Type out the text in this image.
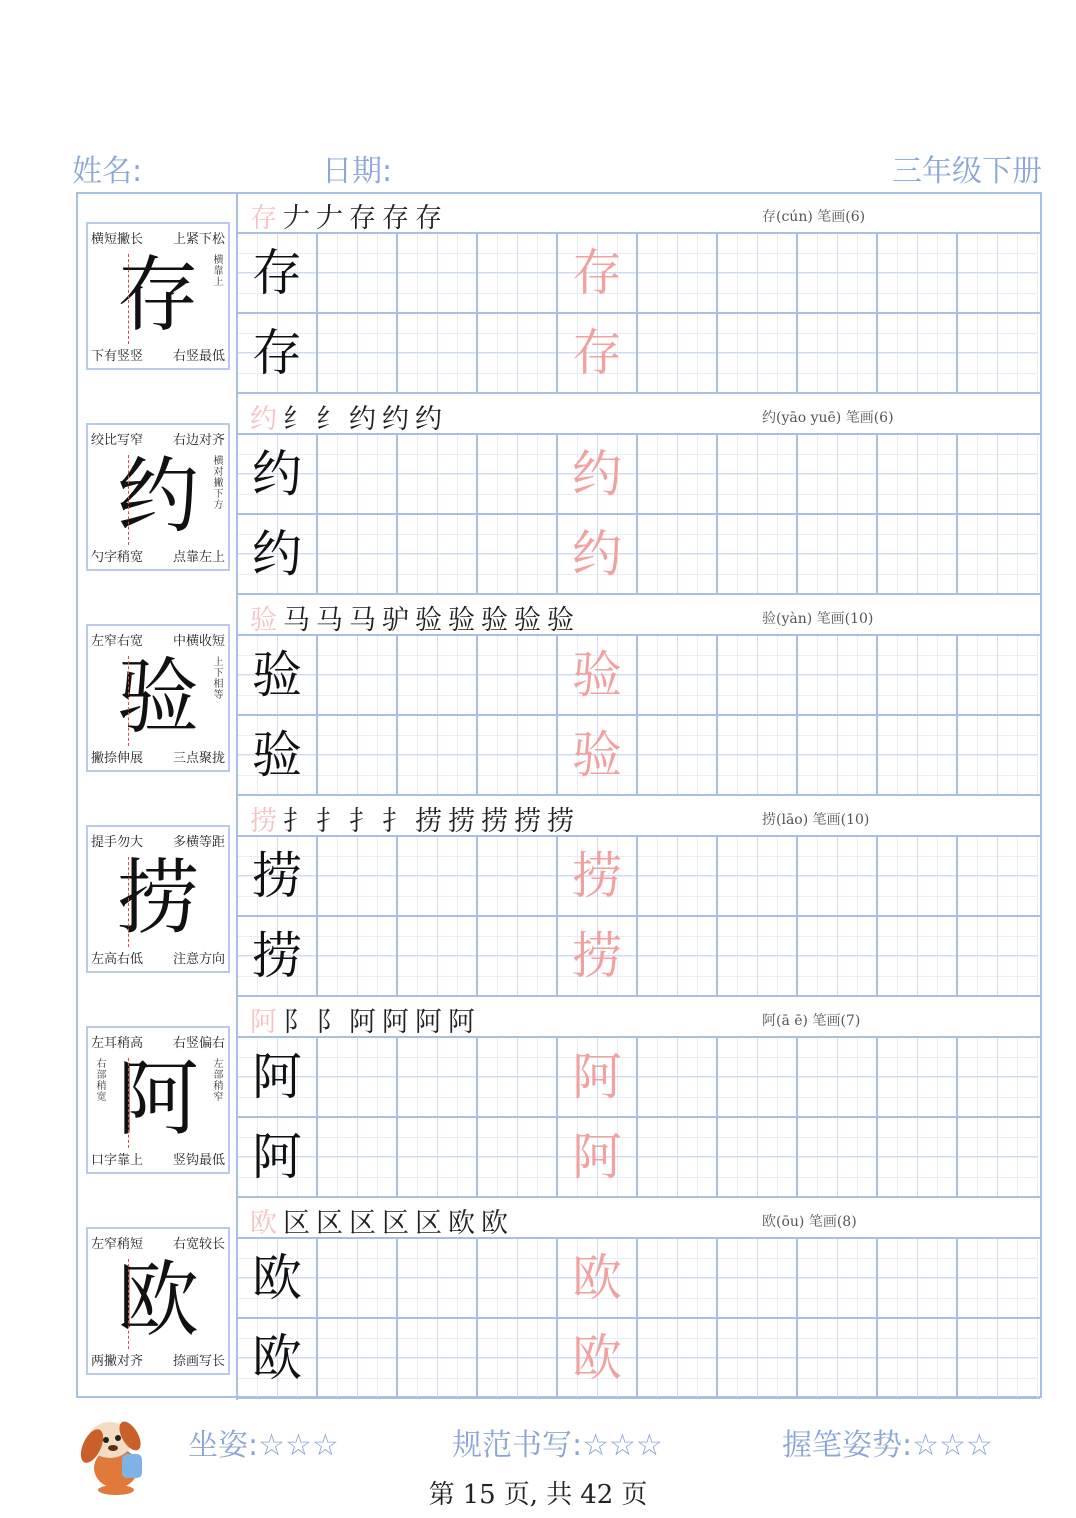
姓名:	日期:	三年级下册
横短撇长 上紧下松
下有竖竖 右竖最低
存	横靠上
存 𠂇 𠂇 存 存 存	存(cún) 笔画(6)
存	存
存	存
绞比写窄 右边对齐
勺字稍宽 点靠左上
约	横对撇下方
约 纟 纟 约 约 约	约(yāo yuē) 笔画(6)
约	约
约	约
左窄右宽 中横收短
撇捺伸展 三点聚拢
验	上下相等
验 马 马 马 驴 验 验 验 验 验	验(yàn) 笔画(10)
验	验
验	验
提手勿大 多横等距
左高右低 注意方向
捞
捞 扌 扌 扌 扌 捞 捞 捞 捞 捞	捞(lāo) 笔画(10)
捞	捞
捞	捞
左耳稍高 右竖偏右
口字靠上 竖钩最低
阿	左部稍窄
右部稍宽
阿 阝 阝 阿 阿 阿 阿	阿(ā ē) 笔画(7)
阿	阿
阿	阿
左窄稍短 右宽较长
两撇对齐 捺画写长
欧
欧 区 区 区 区 区 欧 欧	欧(ōu) 笔画(8)
欧	欧
欧	欧
坐姿:☆☆☆	规范书写:☆☆☆	握笔姿势:☆☆☆
第 15 页, 共 42 页
